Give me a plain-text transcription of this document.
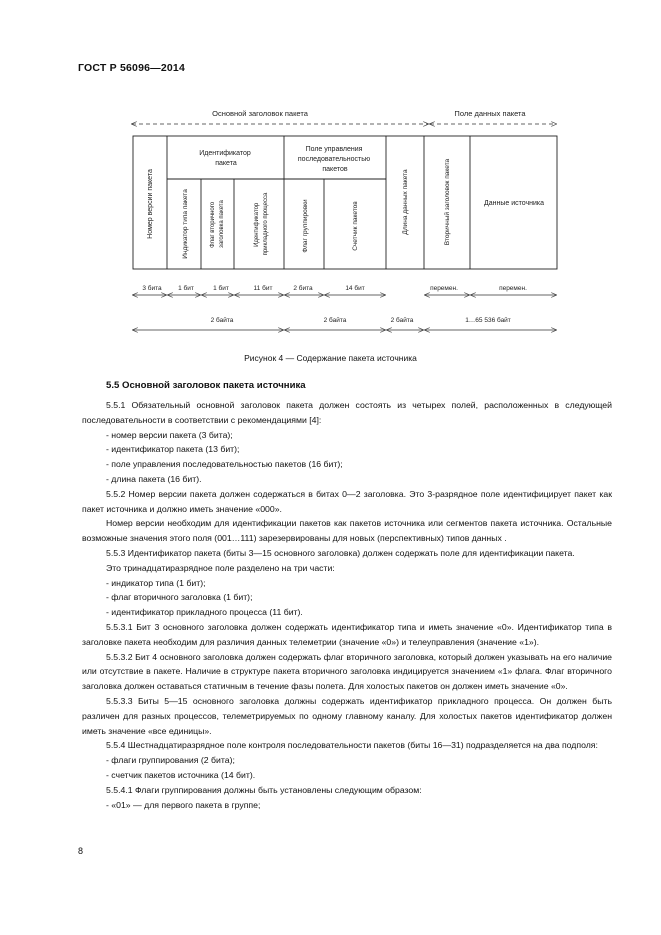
ГОСТ Р 56096—2014
Основной заголовок пакета	Поле данных пакета
Номер версии пакета
Идентификатор пакета
Индикатор типа пакета	Флаг вторичного заголовка пакета	Идентификатор прикладного процесса
Поле управления последовательностью пакетов
Флаг группировки	Счетчик пакетов	Длина данных пакета	Вторичный заголовок пакета	Данные источника
3 бита	1 бит	1 бит	11 бит	2 бита	14 бит	перемен.	перемен.
2 байта	2 байта	2 байта	1…65 536 байт
Рисунок 4 — Содержание пакета источника
5.5 Основной заголовок пакета источника

5.5.1 Обязательный основной заголовок пакета должен состоять из четырех полей, расположенных в следующей последовательности в соответствии с рекомендациями [4]:

- номер версии пакета (3 бита);

- идентификатор пакета (13 бит);

- поле управления последовательностью пакетов (16 бит);

- длина пакета (16 бит).

5.5.2 Номер версии пакета должен содержаться в битах 0—2 заголовка. Это 3-разрядное поле идентифицирует пакет как пакет источника и должно иметь значение «000».

Номер версии необходим для идентификации пакетов как пакетов источника или сегментов пакета источника. Остальные возможные значения этого поля (001…111) зарезервированы для новых (перспективных) типов данных .

5.5.3 Идентификатор пакета (биты 3—15 основного заголовка) должен содержать поле для идентификации пакета.

Это тринадцатиразрядное поле разделено на три части:

- индикатор типа (1 бит);

- флаг вторичного заголовка (1 бит);

- идентификатор прикладного процесса (11 бит).

5.5.3.1 Бит 3 основного заголовка должен содержать идентификатор типа и иметь значение «0». Идентификатор типа в заголовке пакета необходим для различия данных телеметрии (значение «0») и телеуправления (значение «1»).

5.5.3.2 Бит 4 основного заголовка должен содержать флаг вторичного заголовка, который должен указывать на его наличие или отсутствие в пакете. Наличие в структуре пакета вторичного заголовка индицируется значением «1» флага. Флаг вторичного заголовка должен оставаться статичным в течение фазы полета. Для холостых пакетов он должен иметь значение «0».

5.5.3.3 Биты 5—15 основного заголовка должны содержать идентификатор прикладного процесса. Он должен быть различен для разных процессов, телеметрируемых по одному главному каналу. Для холостых пакетов идентификатор должен иметь значение «все единицы».

5.5.4 Шестнадцатиразрядное поле контроля последовательности пакетов (биты 16—31) подразделяется на два подполя:

- флаги группирования (2 бита);

- счетчик пакетов источника (14 бит).

5.5.4.1 Флаги группирования должны быть установлены следующим образом:

- «01» — для первого пакета в группе;

8
